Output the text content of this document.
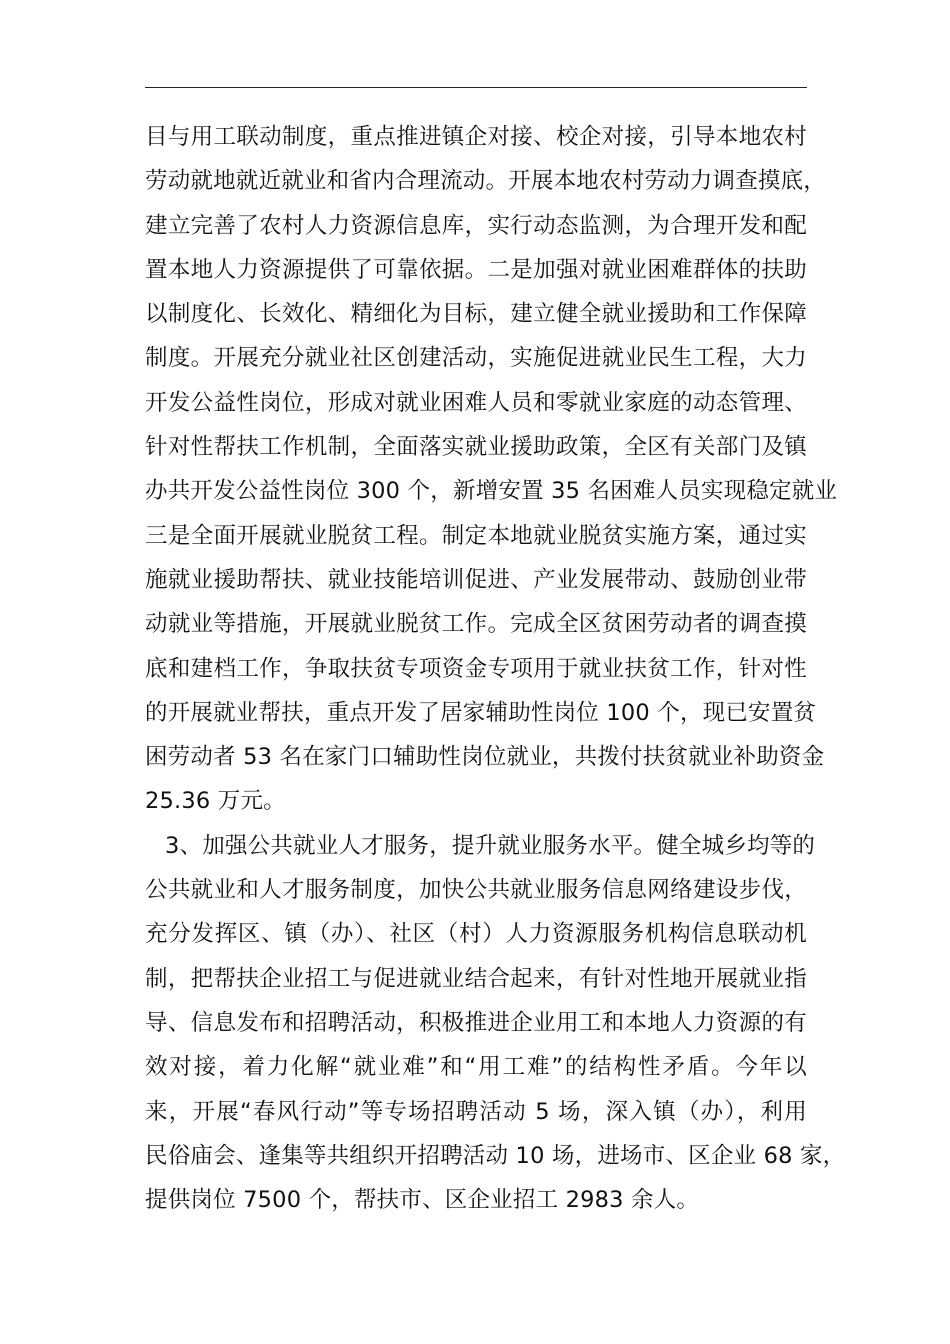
目与用工联动制度，重点推进镇企对接、校企对接，引导本地农村
劳动就地就近就业和省内合理流动。开展本地农村劳动力调查摸底，
建立完善了农村人力资源信息库，实行动态监测，为合理开发和配
置本地人力资源提供了可靠依据。二是加强对就业困难群体的扶助
以制度化、长效化、精细化为目标，建立健全就业援助和工作保障
制度。开展充分就业社区创建活动，实施促进就业民生工程，大力
开发公益性岗位，形成对就业困难人员和零就业家庭的动态管理、
针对性帮扶工作机制，全面落实就业援助政策，全区有关部门及镇
办共开发公益性岗位 300 个，新增安置 35 名困难人员实现稳定就业
三是全面开展就业脱贫工程。制定本地就业脱贫实施方案，通过实
施就业援助帮扶、就业技能培训促进、产业发展带动、鼓励创业带
动就业等措施，开展就业脱贫工作。完成全区贫困劳动者的调查摸
底和建档工作，争取扶贫专项资金专项用于就业扶贫工作，针对性
的开展就业帮扶，重点开发了居家辅助性岗位 100 个，现已安置贫
困劳动者 53 名在家门口辅助性岗位就业，共拨付扶贫就业补助资金
25.36 万元。
3、加强公共就业人才服务，提升就业服务水平。健全城乡均等的
公共就业和人才服务制度，加快公共就业服务信息网络建设步伐，
充分发挥区、镇（办）、社区（村）人力资源服务机构信息联动机
制，把帮扶企业招工与促进就业结合起来，有针对性地开展就业指
导、信息发布和招聘活动，积极推进企业用工和本地人力资源的有
效对接，着力化解“就业难”和“用工难”的结构性矛盾。今年以
来，开展“春风行动”等专场招聘活动 5 场，深入镇（办），利用
民俗庙会、逢集等共组织开招聘活动 10 场，进场市、区企业 68 家，
提供岗位 7500 个，帮扶市、区企业招工 2983 余人。
